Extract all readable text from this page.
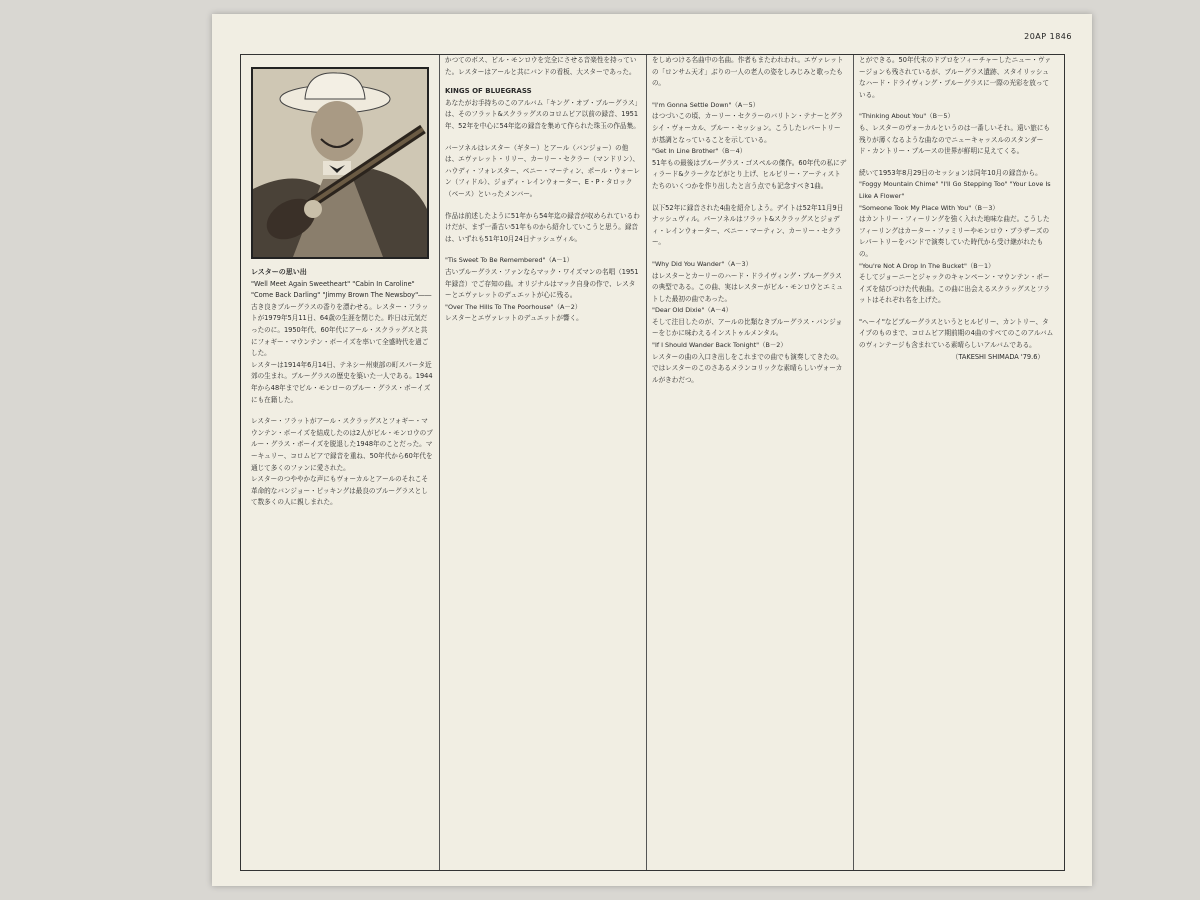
20AP 1846
レスターの思い出

"Well Meet Again Sweetheart" "Cabin In Caroline" "Come Back Darling" "Jimmy Brown The Newsboy"――古き良きブルーグラスの香りを漂わせる。レスター・フラットが1979年5月11日、64歳の生涯を閉じた。昨日は元気だったのに。1950年代、60年代にアール・スクラッグスと共にフォギー・マウンテン・ボーイズを率いて全盛時代を過ごした。

レスターは1914年6月14日、テネシー州東部の町スパータ近郊の生まれ。ブルーグラスの歴史を築いた一人である。1944年から48年までビル・モンローのブルー・グラス・ボーイズにも在籍した。

レスター・フラットがアール・スクラッグスとフォギー・マウンテン・ボーイズを結成したのは2人がビル・モンロウのブルー・グラス・ボーイズを脱退した1948年のことだった。マーキュリー、コロムビアで録音を重ね、50年代から60年代を通じて多くのファンに愛された。

レスターのつややかな声にもヴォーカルとアールのそれこそ革命的なバンジョー・ピッキングは最良のブルーグラスとして数多くの人に親しまれた。

かつてのボス、ビル・モンロウを完全にさせる音楽性を持っていた。レスターはアールと共にバンドの看板、大スターであった。

KINGS OF BLUEGRASS

あなたがお手持ちのこのアルバム「キング・オブ・ブルーグラス」は、そのフラット&スクラッグスのコロムビア以前の録音、1951年、52年を中心に54年迄の録音を集めて作られた珠玉の作品集。

バーソネルはレスター（ギター）とアール（バンジョー）の他は、エヴァレット・リリー、カーリー・セクラー（マンドリン）、ハウディ・フォレスター、ベニー・マーティン、ポール・ウォーレン（フィドル）、ジョディ・レインウォーター、E・P・タロック（ベース）といったメンバー。

作品は前述したように51年から54年迄の録音が収められているわけだが、まず一番古い51年ものから紹介していこうと思う。録音は、いずれも51年10月24日ナッシュヴィル。

"Tis Sweet To Be Remembered"（A－1）

古いブルーグラス・ファンならマック・ワイズマンの名唱（1951年録音）でご存知の曲。オリジナルはマック自身の作で、レスターとエヴァレットのデュエットが心に残る。

"Over The Hills To The Poorhouse"（A－2）

レスターとエヴァレットのデュエットが響く。

をしめつける名曲中の名曲。作者もまたわれわれ。エヴァレットの「ロンサム天才」ぶりの一人の老人の姿をしみじみと歌ったもの。

"I'm Gonna Settle Down"（A－5）

はつづいこの頃、カーリー・セクラーのバリトン・テナーとグラシイ・ヴォーカル、ブルー・セッション。こうしたレパートリーが基調となっていることを示している。

"Get In Line Brother"（B－4）

51年もの最後はブルーグラス・ゴスペルの傑作。60年代の私にディラード&クラークなどがとり上げ、ヒルビリー・アーティストたちのいくつかを作り出したと言う点でも記念すべき1曲。

以下52年に録音された4曲を紹介しよう。デイトは52年11月9日ナッシュヴィル。パーソネルはフラット&スクラッグスとジョディ・レインウォーター、ベニー・マーティン、カーリー・セクラー。

"Why Did You Wander"（A－3）

はレスターとカーリーのハード・ドライヴィング・ブルーグラスの典型である。この曲、実はレスターがビル・モンロウとエミュトした最初の曲であった。

"Dear Old Dixie"（A－4）

そして注目したのが、アールの比類なきブルーグラス・バンジョーをじかに味わえるインストゥルメンタル。

"If I Should Wander Back Tonight"（B－2）

レスターの曲の入口き出しをこれまでの曲でも演奏してきたの。ではレスターのこのさあるメランコリックな素晴らしいヴォーカルがきわだつ。

とができる。50年代末のドブロをフィーチャーしたニュー・ヴァージョンも残されているが、ブルーグラス遺跡、スタイリッシュなハード・ドライヴィング・ブルーグラスに一際の光彩を放っている。

"Thinking About You"（B－5）

も、レスターのヴォーカルというのは一番しいそれ。遠い旅にも残りが薄くなるような曲なのでニューキャッスルのスタンダード・カントリー・ブルースの世界が鮮明に見えてくる。

続いて1953年8月29日のセッションは同年10月の録音から。

"Foggy Mountain Chime" "I'll Go Stepping Too" "Your Love Is Like A Flower"

"Someone Took My Place With You"（B－3）

はカントリー・フィーリングを強く入れた地味な曲だ。こうしたフィーリングはカーター・ファミリーやモンロウ・ブラザーズのレパートリーをバンドで演奏していた時代から受け継がれたもの。

"You're Not A Drop In The Bucket"（B－1）

そしてジョーニーとジャックのキャンペーン・マウンテン・ボーイズを結びつけた代表曲。この曲に出会えるスクラッグスとフラットはそれぞれ名を上げた。

"ヘーイ"などブルーグラスというとヒルビリー、カントリー、タイプのものまで、コロムビア期前期の4曲のすべてのこのアルバムのヴィンテージも含まれている素晴らしいアルバムである。

（TAKESHI SHIMADA '79.6）
